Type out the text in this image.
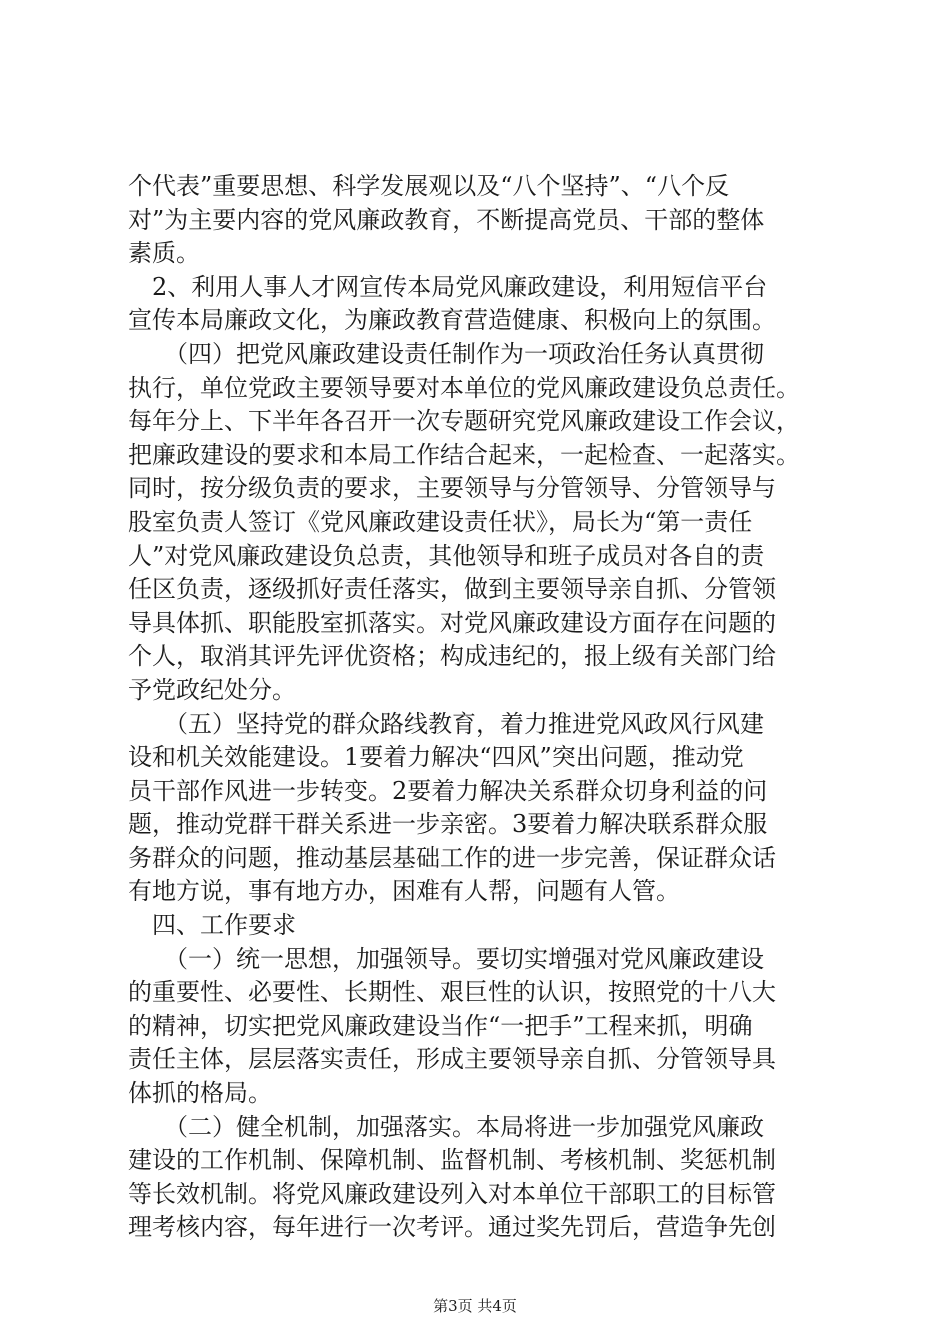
个代表”重要思想、科学发展观以及“八个坚持”、“八个反
对”为主要内容的党风廉政教育，不断提高党员、干部的整体
素质。
　2、利用人事人才网宣传本局党风廉政建设，利用短信平台
宣传本局廉政文化，为廉政教育营造健康、积极向上的氛围。
　　（四）把党风廉政建设责任制作为一项政治任务认真贯彻
执行，单位党政主要领导要对本单位的党风廉政建设负总责任。
每年分上、下半年各召开一次专题研究党风廉政建设工作会议，
把廉政建设的要求和本局工作结合起来，一起检查、一起落实。
同时，按分级负责的要求，主要领导与分管领导、分管领导与
股室负责人签订《党风廉政建设责任状》，局长为“第一责任
人”对党风廉政建设负总责，其他领导和班子成员对各自的责
任区负责，逐级抓好责任落实，做到主要领导亲自抓、分管领
导具体抓、职能股室抓落实。对党风廉政建设方面存在问题的
个人，取消其评先评优资格；构成违纪的，报上级有关部门给
予党政纪处分。
　　（五）坚持党的群众路线教育，着力推进党风政风行风建
设和机关效能建设。1要着力解决“四风”突出问题，推动党
员干部作风进一步转变。2要着力解决关系群众切身利益的问
题，推动党群干群关系进一步亲密。3要着力解决联系群众服
务群众的问题，推动基层基础工作的进一步完善，保证群众话
有地方说，事有地方办，困难有人帮，问题有人管。
　四、工作要求
　　（一）统一思想，加强领导。要切实增强对党风廉政建设
的重要性、必要性、长期性、艰巨性的认识，按照党的十八大
的精神，切实把党风廉政建设当作“一把手”工程来抓，明确
责任主体，层层落实责任，形成主要领导亲自抓、分管领导具
体抓的格局。
　　（二）健全机制，加强落实。本局将进一步加强党风廉政
建设的工作机制、保障机制、监督机制、考核机制、奖惩机制
等长效机制。将党风廉政建设列入对本单位干部职工的目标管
理考核内容，每年进行一次考评。通过奖先罚后，营造争先创
第3页 共4页
